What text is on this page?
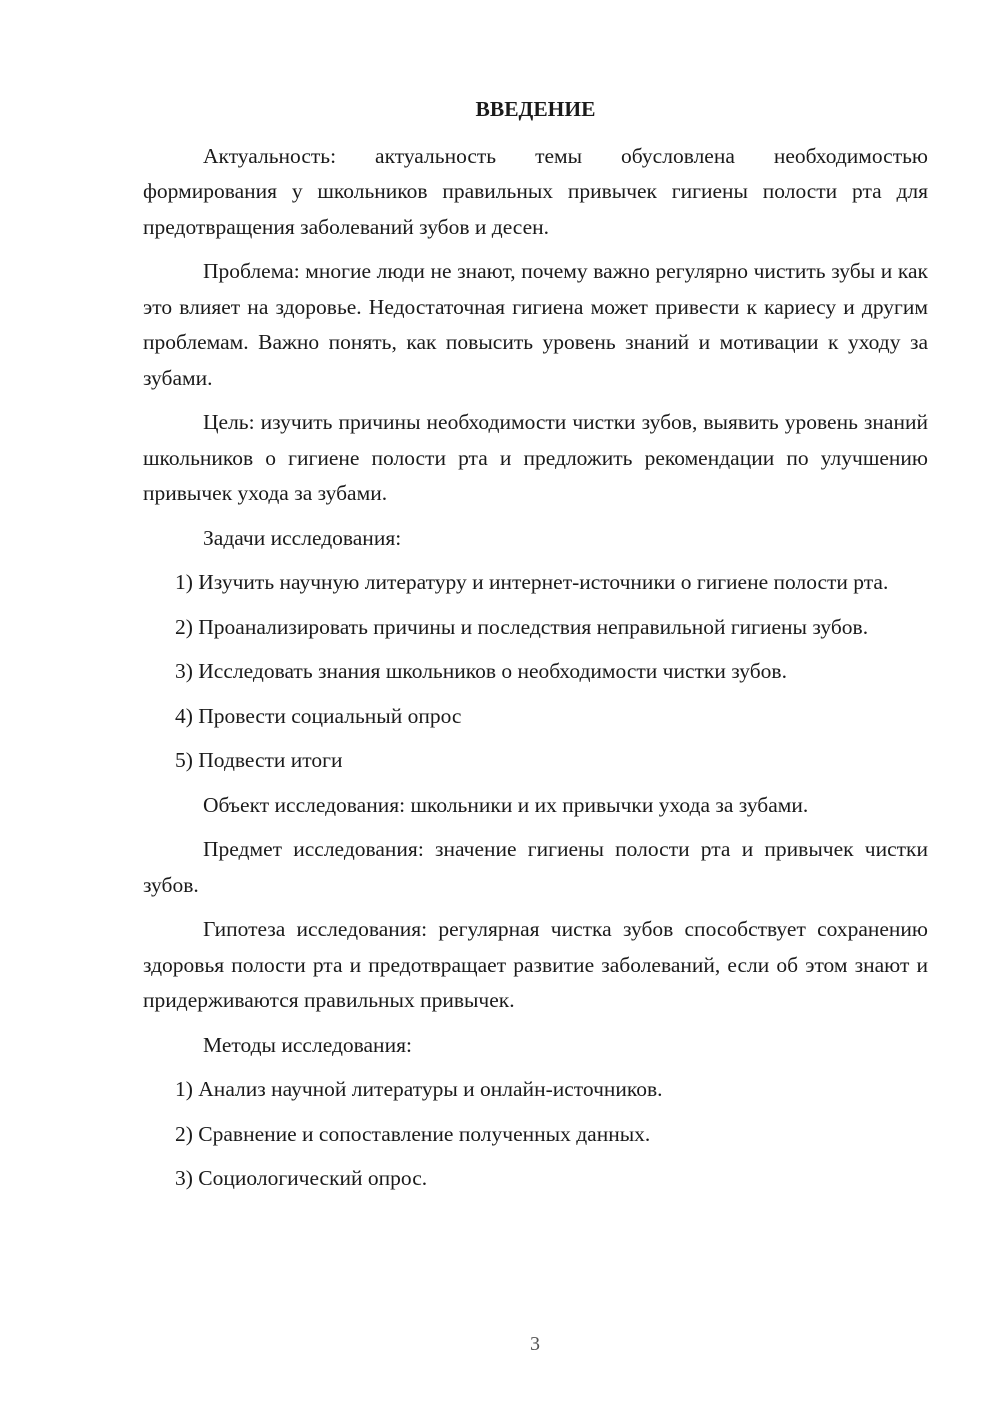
ВВЕДЕНИЕ

Актуальность: актуальность темы обусловлена необходимостью формирования у школьников правильных привычек гигиены полости рта для предотвращения заболеваний зубов и десен.

Проблема: многие люди не знают, почему важно регулярно чистить зубы и как это влияет на здоровье. Недостаточная гигиена может привести к кариесу и другим проблемам. Важно понять, как повысить уровень знаний и мотивации к уходу за зубами.

Цель: изучить причины необходимости чистки зубов, выявить уровень знаний школьников о гигиене полости рта и предложить рекомендации по улучшению привычек ухода за зубами.

Задачи исследования:

1) Изучить научную литературу и интернет-источники о гигиене полости рта.

2) Проанализировать причины и последствия неправильной гигиены зубов.

3) Исследовать знания школьников о необходимости чистки зубов.

4) Провести социальный опрос

5) Подвести итоги

Объект исследования: школьники и их привычки ухода за зубами.

Предмет исследования: значение гигиены полости рта и привычек чистки зубов.

Гипотеза исследования: регулярная чистка зубов способствует сохранению здоровья полости рта и предотвращает развитие заболеваний, если об этом знают и придерживаются правильных привычек.

Методы исследования:

1) Анализ научной литературы и онлайн-источников.

2) Сравнение и сопоставление полученных данных.

3) Социологический опрос.

3
